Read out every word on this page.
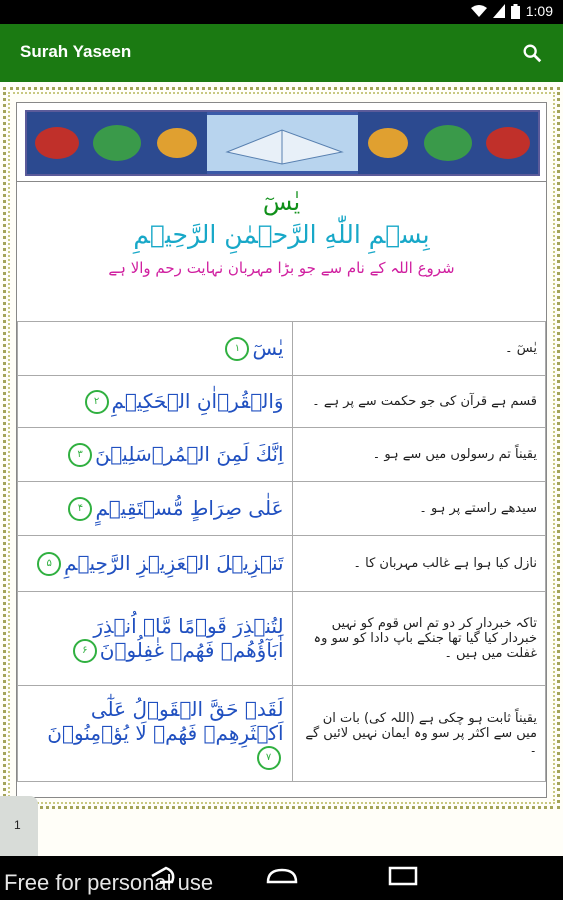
1:09
Surah Yaseen
یٰسٓ
بِسۡمِ اللّٰهِ الرَّحۡمٰنِ الرَّحِيۡمِ
شروع اللہ کے نام سے جو بڑا مہربان نہایت رحم والا ہے
يٰسٓ۱	یٰسٓ ۔
وَالۡقُرۡاٰنِ الۡحَكِيۡمِ۲	قسم ہے قرآن کی جو حکمت سے پر ہے ۔
اِنَّكَ لَمِنَ الۡمُرۡسَلِيۡنَ۳	یقیناً تم رسولوں میں سے ہو ۔
عَلٰى صِرَاطٍ مُّسۡتَقِيۡمٍ۴	سیدھے راستے پر ہو ۔
تَنۡزِيۡلَ الۡعَزِيۡزِ الرَّحِيۡمِ۵	نازل کیا ہوا ہے غالب مہربان کا ۔
لِتُنۡذِرَ قَوۡمًا مَّاۤ اُنۡذِرَ اٰبَآؤُهُمۡ فَهُمۡ غٰفِلُوۡنَ۶	تاکہ خبردار کر دو تم اس قوم کو نہیں خبردار کیا گیا تھا جنکے باپ دادا کو سو وہ غفلت میں ہیں ۔
لَقَدۡ حَقَّ الۡقَوۡلُ عَلٰٓى اَكۡثَرِهِمۡ فَهُمۡ لَا يُؤۡمِنُوۡنَ۷	یقیناً ثابت ہو چکی ہے (اللہ کی) بات ان میں سے اکثر پر سو وہ ایمان نہیں لائیں گے ۔
1
Free for personal use
